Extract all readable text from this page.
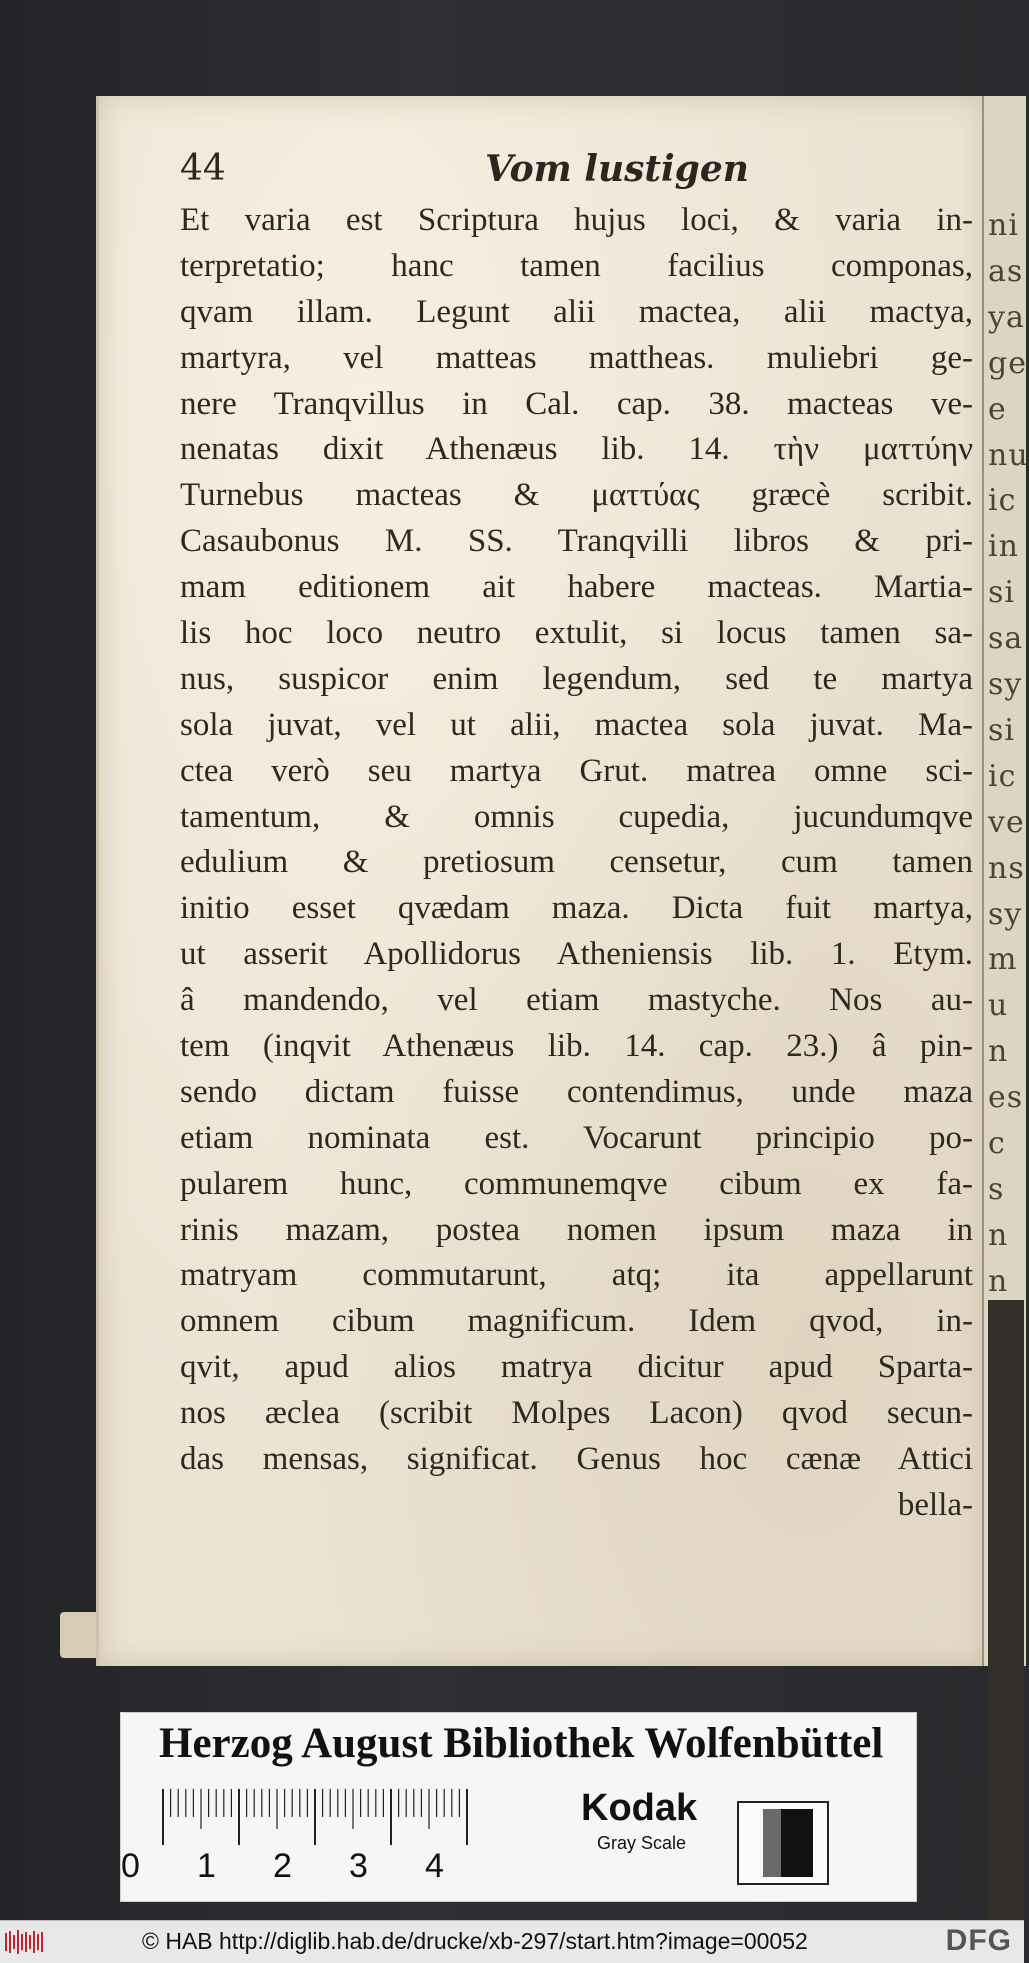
ni
as
ya
ge
e
nu
ic
in
si
sa
sy
si
ic
ve
ns
sy
m
u
n
es
c
s
n
n
44	Vom lustigen
Et varia est Scriptura hujus loci, & varia in-
terpretatio; hanc tamen facilius componas,
qvam illam. Legunt alii mactea, alii mactya,
martyra, vel matteas mattheas. muliebri ge-
nere Tranqvillus in Cal. cap. 38. macteas ve-
nenatas dixit Athenæus lib. 14. τὴν ματτύην
Turnebus macteas & ματτύας græcè scribit.
Casaubonus M. SS. Tranqvilli libros & pri-
mam editionem ait habere macteas. Martia-
lis hoc loco neutro extulit, si locus tamen sa-
nus, suspicor enim legendum, sed te martya
sola juvat, vel ut alii, mactea sola juvat. Ma-
ctea verò seu martya Grut. matrea omne sci-
tamentum, & omnis cupedia, jucundumqve
edulium & pretiosum censetur, cum tamen
initio esset qvædam maza. Dicta fuit martya,
ut asserit Apollidorus Atheniensis lib. 1. Etym.
â mandendo, vel etiam mastyche. Nos au-
tem (inqvit Athenæus lib. 14. cap. 23.) â pin-
sendo dictam fuisse contendimus, unde maza
etiam nominata est. Vocarunt principio po-
pularem hunc, communemqve cibum ex fa-
rinis mazam, postea nomen ipsum maza in
matryam commutarunt, atq; ita appellarunt
omnem cibum magnificum. Idem qvod, in-
qvit, apud alios matrya dicitur apud Sparta-
nos æclea (scribit Molpes Lacon) qvod secun-
das mensas, significat. Genus hoc cænæ Attici
bella-
Herzog August Bibliothek Wolfenbüttel
0 1 2 3 4
Kodak
Gray Scale
© HAB http://diglib.hab.de/drucke/xb-297/start.htm?image=00052	DFG
